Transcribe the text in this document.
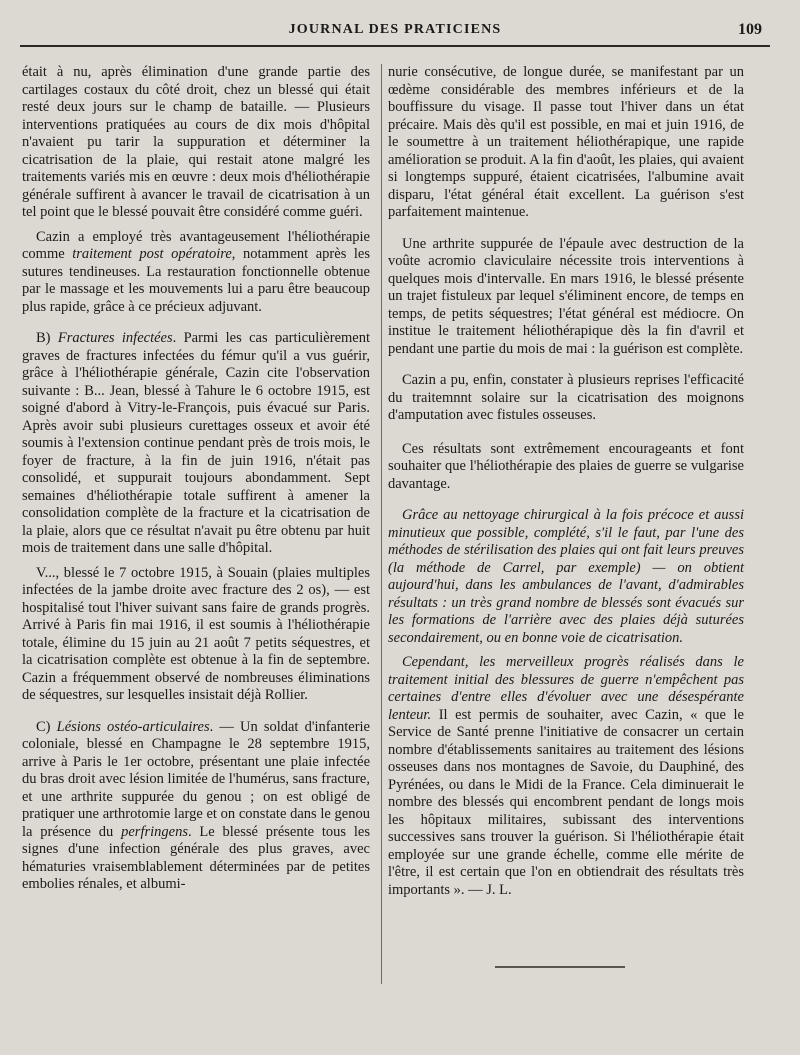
JOURNAL DES PRATICIENS	109

était à nu, après élimination d'une grande partie des cartilages costaux du côté droit, chez un blessé qui était resté deux jours sur le champ de bataille. — Plusieurs interventions pratiquées au cours de dix mois d'hôpital n'avaient pu tarir la suppuration et déterminer la cicatrisation de la plaie, qui restait atone malgré les traitements variés mis en œuvre : deux mois d'héliothérapie générale suffirent à avancer le travail de cicatrisation à un tel point que le blessé pouvait être considéré comme guéri.

Cazin a employé très avantageusement l'héliothérapie comme traitement post opératoire, notamment après les sutures tendineuses. La restauration fonctionnelle obtenue par le massage et les mouvements lui a paru être beaucoup plus rapide, grâce à ce précieux adjuvant.

B) Fractures infectées. Parmi les cas particulièrement graves de fractures infectées du fémur qu'il a vus guérir, grâce à l'héliothérapie générale, Cazin cite l'observation suivante : B... Jean, blessé à Tahure le 6 octobre 1915, est soigné d'abord à Vitry-le-François, puis évacué sur Paris. Après avoir subi plusieurs curettages osseux et avoir été soumis à l'extension continue pendant près de trois mois, le foyer de fracture, à la fin de juin 1916, n'était pas consolidé, et suppurait toujours abondamment. Sept semaines d'héliothérapie totale suffirent à amener la consolidation complète de la fracture et la cicatrisation de la plaie, alors que ce résultat n'avait pu être obtenu par huit mois de traitement dans une salle d'hôpital.

V..., blessé le 7 octobre 1915, à Souain (plaies multiples infectées de la jambe droite avec fracture des 2 os), — est hospitalisé tout l'hiver suivant sans faire de grands progrès. Arrivé à Paris fin mai 1916, il est soumis à l'héliothérapie totale, élimine du 15 juin au 21 août 7 petits séquestres, et la cicatrisation complète est obtenue à la fin de septembre. Cazin a fréquemment observé de nombreuses éliminations de séquestres, sur lesquelles insistait déjà Rollier.

C) Lésions ostéo-articulaires. — Un soldat d'infanterie coloniale, blessé en Champagne le 28 septembre 1915, arrive à Paris le 1er octobre, présentant une plaie infectée du bras droit avec lésion limitée de l'humérus, sans fracture, et une arthrite suppurée du genou ; on est obligé de pratiquer une arthrotomie large et on constate dans le genou la présence du perfringens. Le blessé présente tous les signes d'une infection générale des plus graves, avec hématuries vraisemblablement déterminées par de petites embolies rénales, et albumi-

nurie consécutive, de longue durée, se manifestant par un œdème considérable des membres inférieurs et de la bouffissure du visage. Il passe tout l'hiver dans un état précaire. Mais dès qu'il est possible, en mai et juin 1916, de le soumettre à un traitement héliothérapique, une rapide amélioration se produit. A la fin d'août, les plaies, qui avaient si longtemps suppuré, étaient cicatrisées, l'albumine avait disparu, l'état général était excellent. La guérison s'est parfaitement maintenue.

Une arthrite suppurée de l'épaule avec destruction de la voûte acromio claviculaire nécessite trois interventions à quelques mois d'intervalle. En mars 1916, le blessé présente un trajet fistuleux par lequel s'éliminent encore, de temps en temps, de petits séquestres; l'état général est médiocre. On institue le traitement héliothérapique dès la fin d'avril et pendant une partie du mois de mai : la guérison est complète.

Cazin a pu, enfin, constater à plusieurs reprises l'efficacité du traitemnnt solaire sur la cicatrisation des moignons d'amputation avec fistules osseuses.

Ces résultats sont extrêmement encourageants et font souhaiter que l'héliothérapie des plaies de guerre se vulgarise davantage.

Grâce au nettoyage chirurgical à la fois précoce et aussi minutieux que possible, complété, s'il le faut, par l'une des méthodes de stérilisation des plaies qui ont fait leurs preuves (la méthode de Carrel, par exemple) — on obtient aujourd'hui, dans les ambulances de l'avant, d'admirables résultats : un très grand nombre de blessés sont évacués sur les formations de l'arrière avec des plaies déjà suturées secondairement, ou en bonne voie de cicatrisation.

Cependant, les merveilleux progrès réalisés dans le traitement initial des blessures de guerre n'empêchent pas certaines d'entre elles d'évoluer avec une désespérante lenteur. Il est permis de souhaiter, avec Cazin, « que le Service de Santé prenne l'initiative de consacrer un certain nombre d'établissements sanitaires au traitement des lésions osseuses dans nos montagnes de Savoie, du Dauphiné, des Pyrénées, ou dans le Midi de la France. Cela diminuerait le nombre des blessés qui encombrent pendant de longs mois les hôpitaux militaires, subissant des interventions successives sans trouver la guérison. Si l'héliothérapie était employée sur une grande échelle, comme elle mérite de l'être, il est certain que l'on en obtiendrait des résultats très importants ». — J. L.
